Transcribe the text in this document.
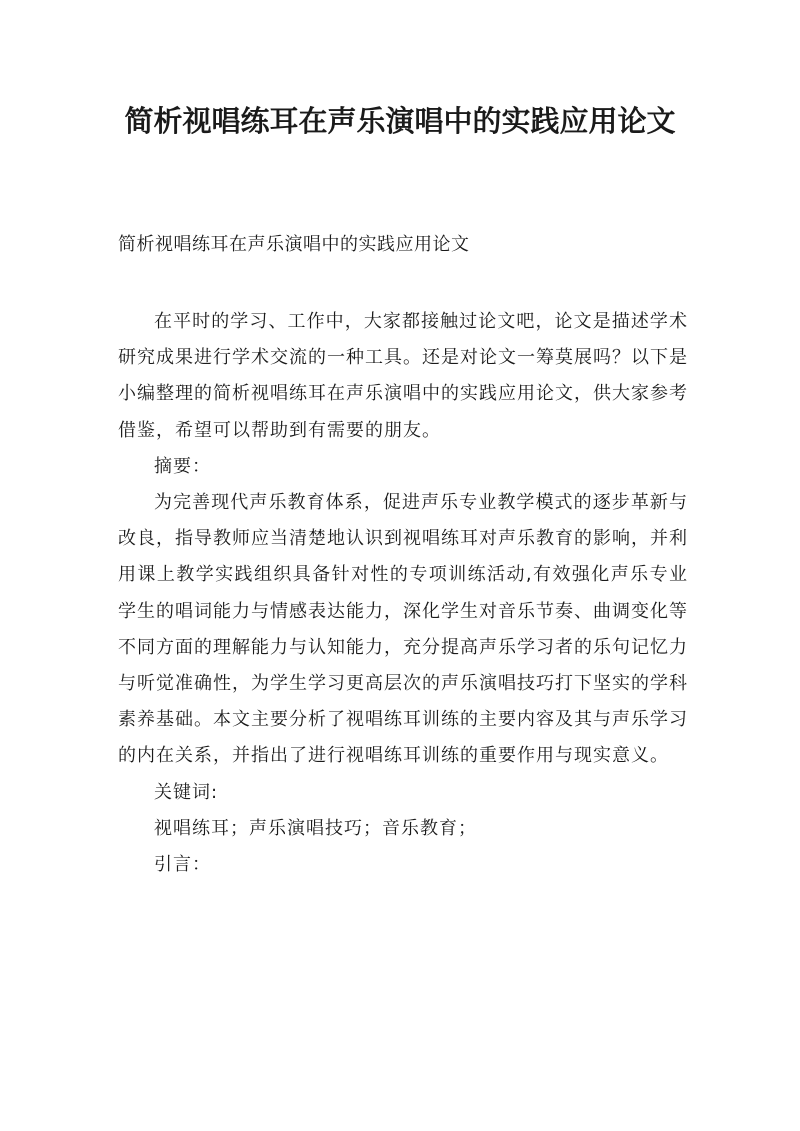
简析视唱练耳在声乐演唱中的实践应用论文

简析视唱练耳在声乐演唱中的实践应用论文

在平时的学习、工作中，大家都接触过论文吧，论文是描述学术研究成果进行学术交流的一种工具。还是对论文一筹莫展吗？以下是小编整理的简析视唱练耳在声乐演唱中的实践应用论文，供大家参考借鉴，希望可以帮助到有需要的朋友。

摘要：

为完善现代声乐教育体系，促进声乐专业教学模式的逐步革新与改良，指导教师应当清楚地认识到视唱练耳对声乐教育的影响，并利用课上教学实践组织具备针对性的专项训练活动,有效强化声乐专业学生的唱词能力与情感表达能力，深化学生对音乐节奏、曲调变化等不同方面的理解能力与认知能力，充分提高声乐学习者的乐句记忆力与听觉准确性，为学生学习更高层次的声乐演唱技巧打下坚实的学科素养基础。本文主要分析了视唱练耳训练的主要内容及其与声乐学习的内在关系，并指出了进行视唱练耳训练的重要作用与现实意义。

关键词:

视唱练耳；声乐演唱技巧；音乐教育；

引言：
